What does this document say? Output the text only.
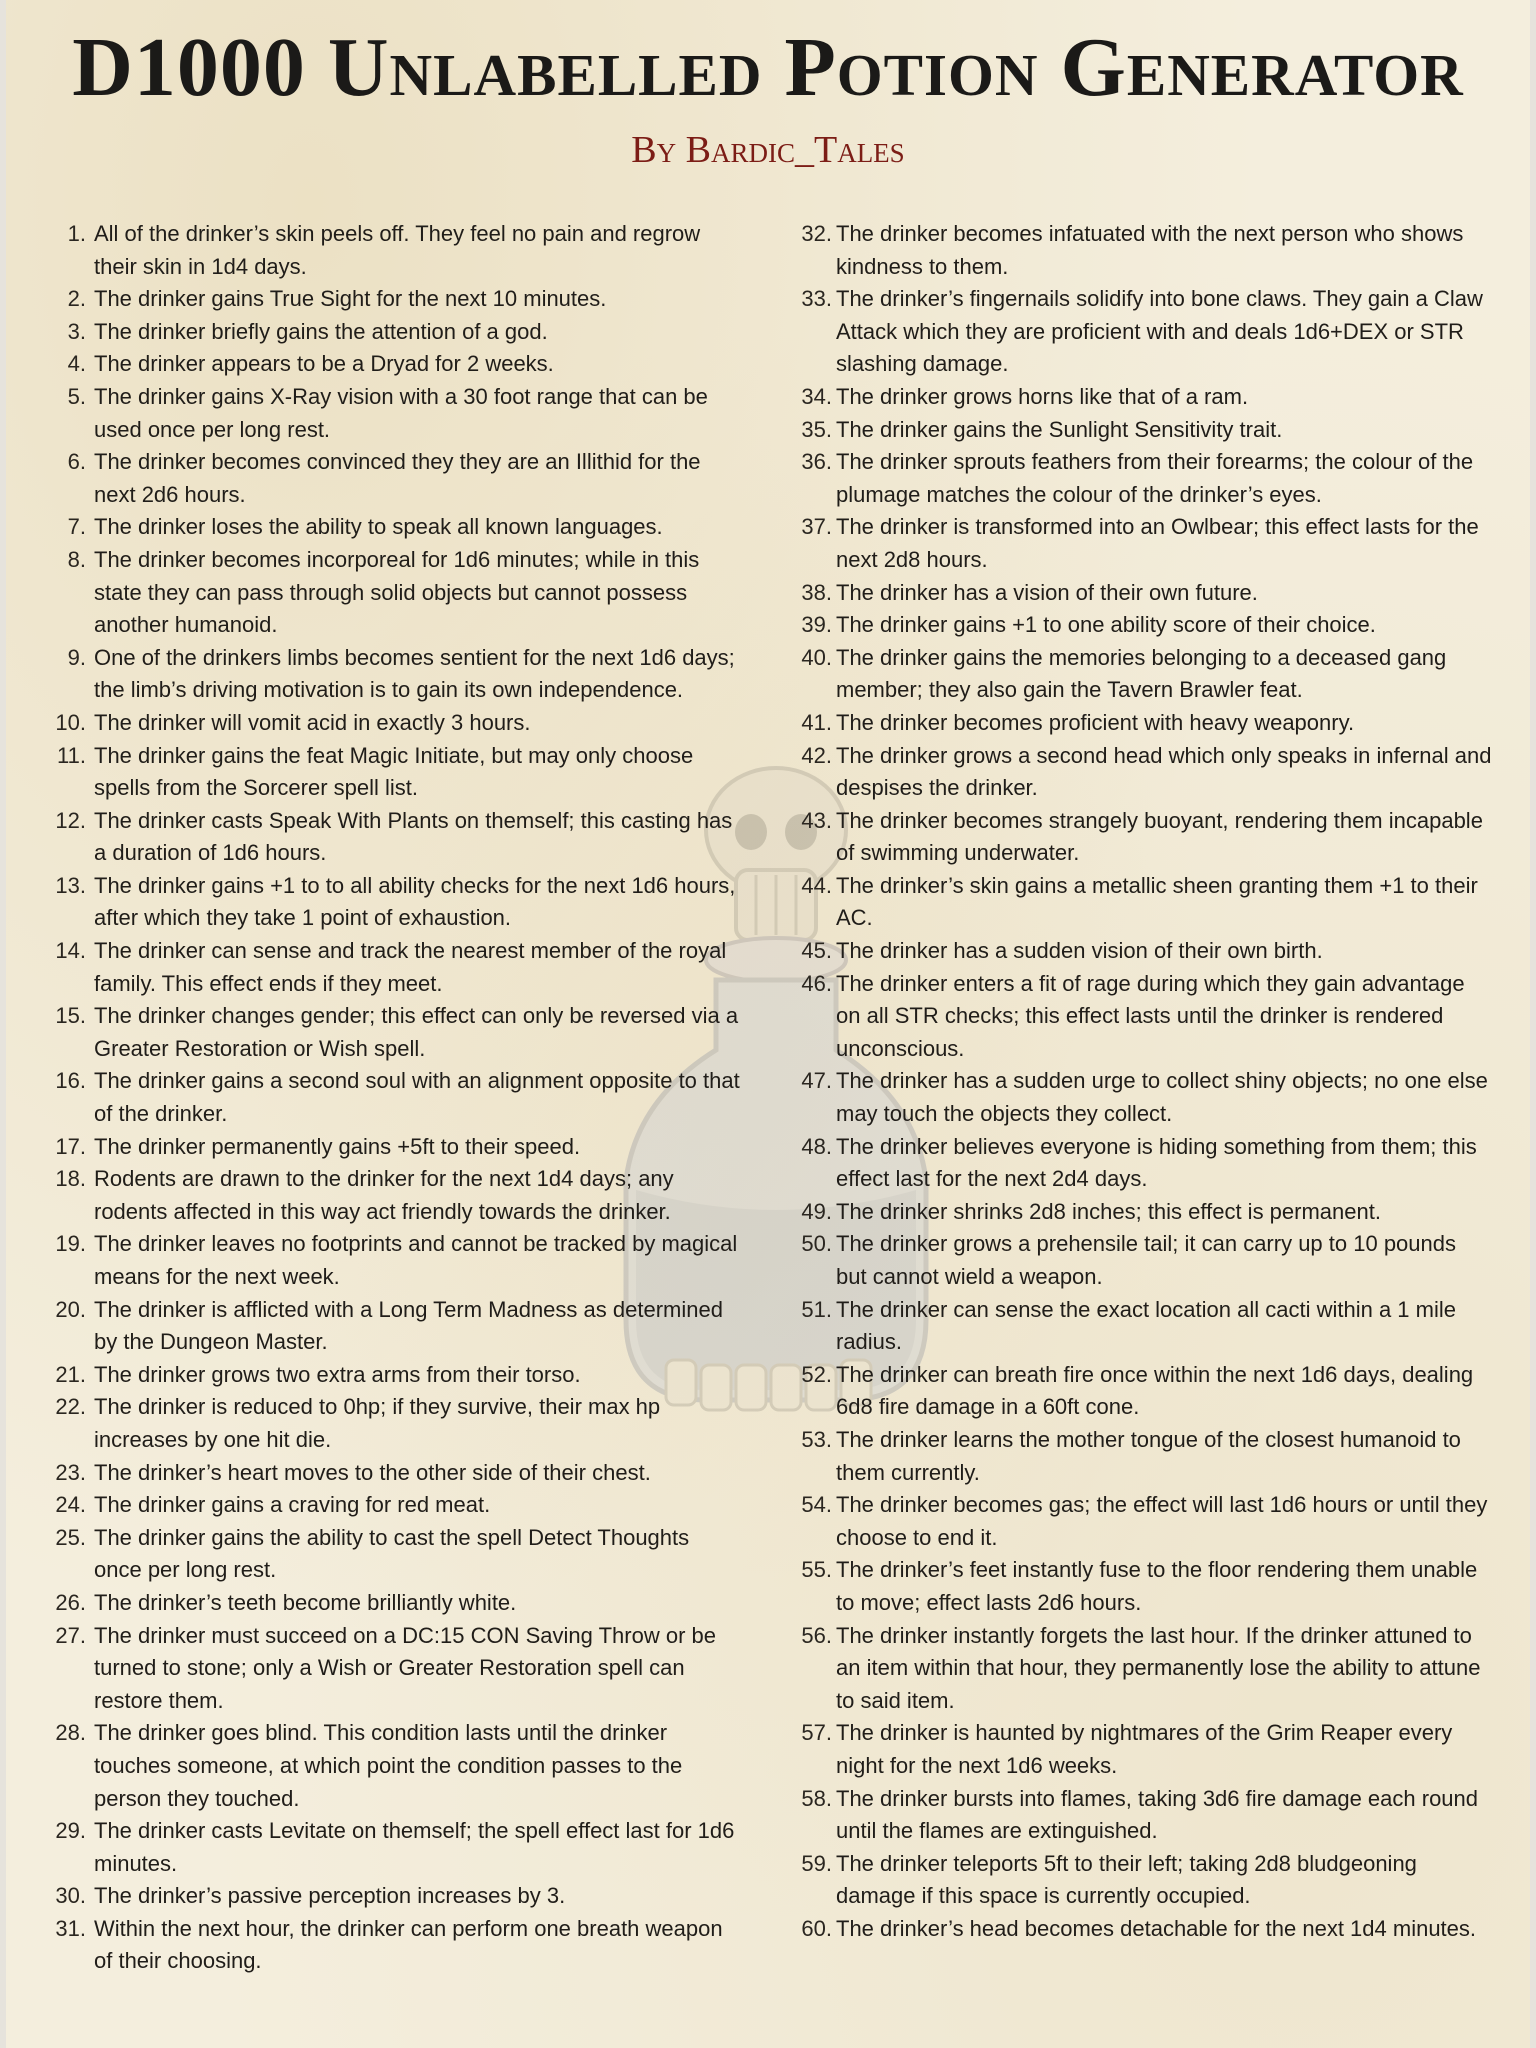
D1000 Unlabelled Potion Generator
By Bardic_Tales
1. All of the drinker’s skin peels off. They feel no pain and regrow their skin in 1d4 days.
2. The drinker gains True Sight for the next 10 minutes.
3. The drinker briefly gains the attention of a god.
4. The drinker appears to be a Dryad for 2 weeks.
5. The drinker gains X-Ray vision with a 30 foot range that can be used once per long rest.
6. The drinker becomes convinced they they are an Illithid for the next 2d6 hours.
7. The drinker loses the ability to speak all known languages.
8. The drinker becomes incorporeal for 1d6 minutes; while in this state they can pass through solid objects but cannot possess another humanoid.
9. One of the drinkers limbs becomes sentient for the next 1d6 days; the limb’s driving motivation is to gain its own independence.
10. The drinker will vomit acid in exactly 3 hours.
11. The drinker gains the feat Magic Initiate, but may only choose spells from the Sorcerer spell list.
12. The drinker casts Speak With Plants on themself; this casting has a duration of 1d6 hours.
13. The drinker gains +1 to to all ability checks for the next 1d6 hours, after which they take 1 point of exhaustion.
14. The drinker can sense and track the nearest member of the royal family. This effect ends if they meet.
15. The drinker changes gender; this effect can only be reversed via a Greater Restoration or Wish spell.
16. The drinker gains a second soul with an alignment opposite to that of the drinker.
17. The drinker permanently gains +5ft to their speed.
18. Rodents are drawn to the drinker for the next 1d4 days; any rodents affected in this way act friendly towards the drinker.
19. The drinker leaves no footprints and cannot be tracked by magical means for the next week.
20. The drinker is afflicted with a Long Term Madness as determined by the Dungeon Master.
21. The drinker grows two extra arms from their torso.
22. The drinker is reduced to 0hp; if they survive, their max hp increases by one hit die.
23. The drinker’s heart moves to the other side of their chest.
24. The drinker gains a craving for red meat.
25. The drinker gains the ability to cast the spell Detect Thoughts once per long rest.
26. The drinker’s teeth become brilliantly white.
27. The drinker must succeed on a DC:15 CON Saving Throw or be turned to stone; only a Wish or Greater Restoration spell can restore them.
28. The drinker goes blind. This condition lasts until the drinker touches someone, at which point the condition passes to the person they touched.
29. The drinker casts Levitate on themself; the spell effect last for 1d6 minutes.
30. The drinker’s passive perception increases by 3.
31. Within the next hour, the drinker can perform one breath weapon of their choosing.
32. The drinker becomes infatuated with the next person who shows kindness to them.
33. The drinker’s fingernails solidify into bone claws. They gain a Claw Attack which they are proficient with and deals 1d6+DEX or STR slashing damage.
34. The drinker grows horns like that of a ram.
35. The drinker gains the Sunlight Sensitivity trait.
36. The drinker sprouts feathers from their forearms; the colour of the plumage matches the colour of the drinker’s eyes.
37. The drinker is transformed into an Owlbear; this effect lasts for the next 2d8 hours.
38. The drinker has a vision of their own future.
39. The drinker gains +1 to one ability score of their choice.
40. The drinker gains the memories belonging to a deceased gang member; they also gain the Tavern Brawler feat.
41. The drinker becomes proficient with heavy weaponry.
42. The drinker grows a second head which only speaks in infernal and despises the drinker.
43. The drinker becomes strangely buoyant, rendering them incapable of swimming underwater.
44. The drinker’s skin gains a metallic sheen granting them +1 to their AC.
45. The drinker has a sudden vision of their own birth.
46. The drinker enters a fit of rage during which they gain advantage on all STR checks; this effect lasts until the drinker is rendered unconscious.
47. The drinker has a sudden urge to collect shiny objects; no one else may touch the objects they collect.
48. The drinker believes everyone is hiding something from them; this effect last for the next 2d4 days.
49. The drinker shrinks 2d8 inches; this effect is permanent.
50. The drinker grows a prehensile tail; it can carry up to 10 pounds but cannot wield a weapon.
51. The drinker can sense the exact location all cacti within a 1 mile radius.
52. The drinker can breath fire once within the next 1d6 days, dealing 6d8 fire damage in a 60ft cone.
53. The drinker learns the mother tongue of the closest humanoid to them currently.
54. The drinker becomes gas; the effect will last 1d6 hours or until they choose to end it.
55. The drinker’s feet instantly fuse to the floor rendering them unable to move; effect lasts 2d6 hours.
56. The drinker instantly forgets the last hour. If the drinker attuned to an item within that hour, they permanently lose the ability to attune to said item.
57. The drinker is haunted by nightmares of the Grim Reaper every night for the next 1d6 weeks.
58. The drinker bursts into flames, taking 3d6 fire damage each round until the flames are extinguished.
59. The drinker teleports 5ft to their left; taking 2d8 bludgeoning damage if this space is currently occupied.
60. The drinker’s head becomes detachable for the next 1d4 minutes.
